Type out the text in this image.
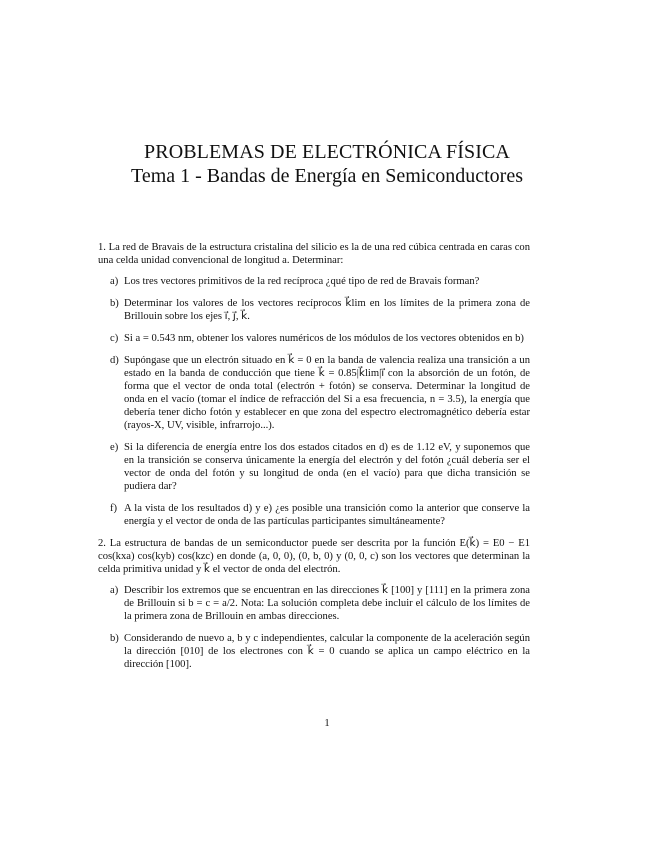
PROBLEMAS DE ELECTRÓNICA FÍSICA
Tema 1 - Bandas de Energía en Semiconductores
1. La red de Bravais de la estructura cristalina del silicio es la de una red cúbica centrada en caras con una celda unidad convencional de longitud a. Determinar:
a) Los tres vectores primitivos de la red recíproca ¿qué tipo de red de Bravais forman?
b) Determinar los valores de los vectores recíprocos k⃗lim en los límites de la primera zona de Brillouin sobre los ejes i⃗, j⃗, k⃗.
c) Si a = 0.543 nm, obtener los valores numéricos de los módulos de los vectores obtenidos en b)
d) Supóngase que un electrón situado en k⃗ = 0 en la banda de valencia realiza una transición a un estado en la banda de conducción que tiene k⃗ = 0.85|k⃗lim|i⃗ con la absorción de un fotón, de forma que el vector de onda total (electrón + fotón) se conserva. Determinar la longitud de onda en el vacío (tomar el índice de refracción del Si a esa frecuencia, n = 3.5), la energía que debería tener dicho fotón y establecer en que zona del espectro electromagnético debería estar (rayos-X, UV, visible, infrarrojo...).
e) Si la diferencia de energía entre los dos estados citados en d) es de 1.12 eV, y suponemos que en la transición se conserva únicamente la energía del electrón y del fotón ¿cuál debería ser el vector de onda del fotón y su longitud de onda (en el vacío) para que dicha transición se pudiera dar?
f) A la vista de los resultados d) y e) ¿es posible una transición como la anterior que conserve la energía y el vector de onda de las partículas participantes simultáneamente?
2. La estructura de bandas de un semiconductor puede ser descrita por la función E(k⃗) = E0 − E1 cos(kxa) cos(kyb) cos(kzc) en donde (a, 0, 0), (0, b, 0) y (0, 0, c) son los vectores que determinan la celda primitiva unidad y k⃗ el vector de onda del electrón.
a) Describir los extremos que se encuentran en las direcciones k⃗ [100] y [111] en la primera zona de Brillouin si b = c = a/2. Nota: La solución completa debe incluir el cálculo de los límites de la primera zona de Brillouin en ambas direcciones.
b) Considerando de nuevo a, b y c independientes, calcular la componente de la aceleración según la dirección [010] de los electrones con k⃗ = 0 cuando se aplica un campo eléctrico en la dirección [100].
1
